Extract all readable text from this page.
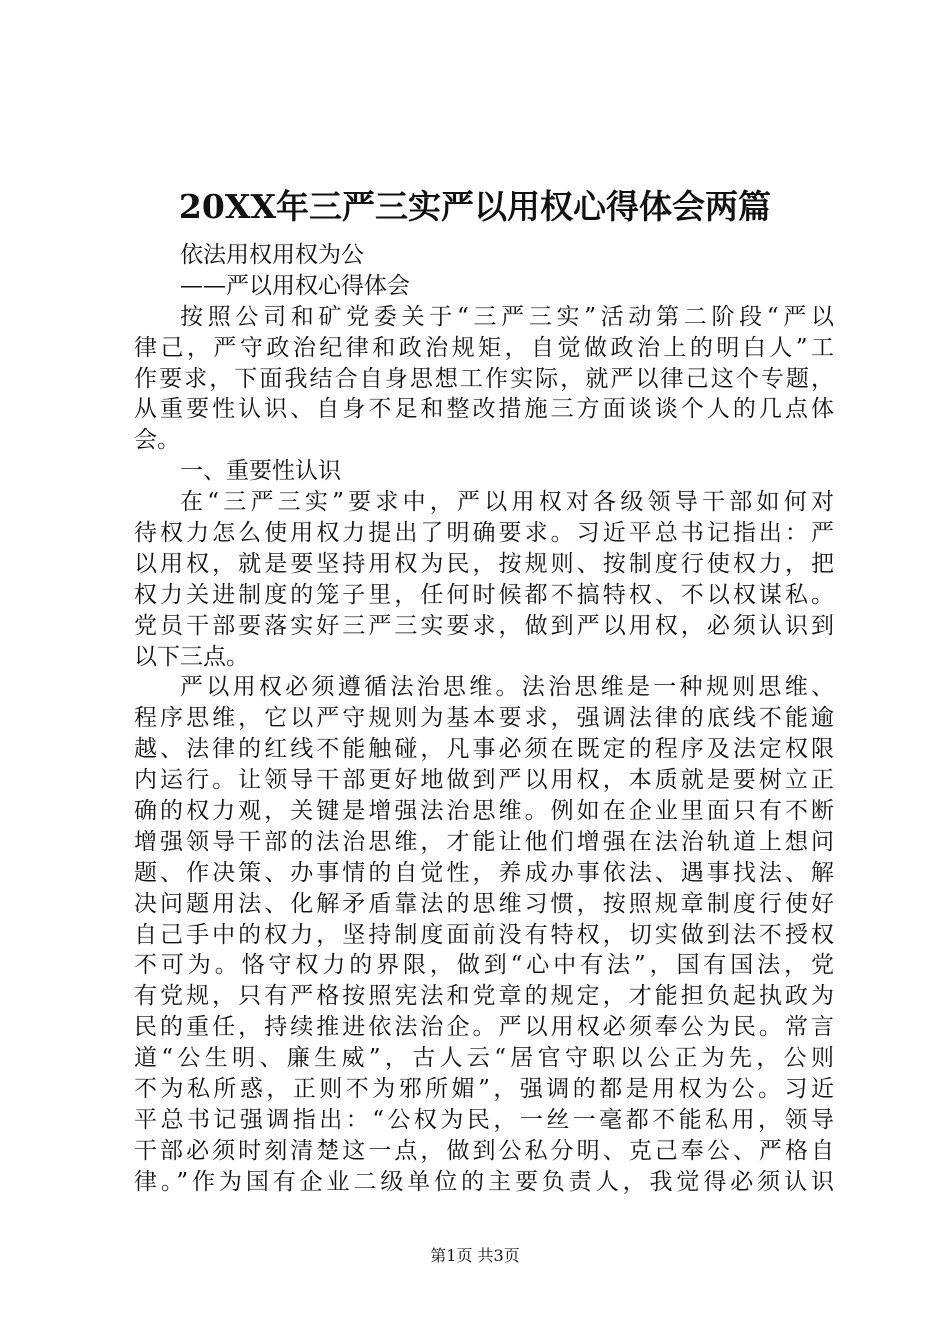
20XX年三严三实严以用权心得体会两篇
依法用权用权为公
——严以用权心得体会
按照公司和矿党委关于“三严三实”活动第二阶段“严以
律己，严守政治纪律和政治规矩，自觉做政治上的明白人”工
作要求，下面我结合自身思想工作实际，就严以律己这个专题，
从重要性认识、自身不足和整改措施三方面谈谈个人的几点体
会。
一、重要性认识
在“三严三实”要求中，严以用权对各级领导干部如何对
待权力怎么使用权力提出了明确要求。习近平总书记指出：严
以用权，就是要坚持用权为民，按规则、按制度行使权力，把
权力关进制度的笼子里，任何时候都不搞特权、不以权谋私。
党员干部要落实好三严三实要求，做到严以用权，必须认识到
以下三点。
严以用权必须遵循法治思维。法治思维是一种规则思维、
程序思维，它以严守规则为基本要求，强调法律的底线不能逾
越、法律的红线不能触碰，凡事必须在既定的程序及法定权限
内运行。让领导干部更好地做到严以用权，本质就是要树立正
确的权力观，关键是增强法治思维。例如在企业里面只有不断
增强领导干部的法治思维，才能让他们增强在法治轨道上想问
题、作决策、办事情的自觉性，养成办事依法、遇事找法、解
决问题用法、化解矛盾靠法的思维习惯，按照规章制度行使好
自己手中的权力，坚持制度面前没有特权，切实做到法不授权
不可为。恪守权力的界限，做到“心中有法”，国有国法，党
有党规，只有严格按照宪法和党章的规定，才能担负起执政为
民的重任，持续推进依法治企。严以用权必须奉公为民。常言
道“公生明、廉生威”，古人云“居官守职以公正为先，公则
不为私所惑，正则不为邪所媚”，强调的都是用权为公。习近
平总书记强调指出：“公权为民，一丝一毫都不能私用，领导
干部必须时刻清楚这一点，做到公私分明、克己奉公、严格自
律。”作为国有企业二级单位的主要负责人，我觉得必须认识
第1页 共3页
